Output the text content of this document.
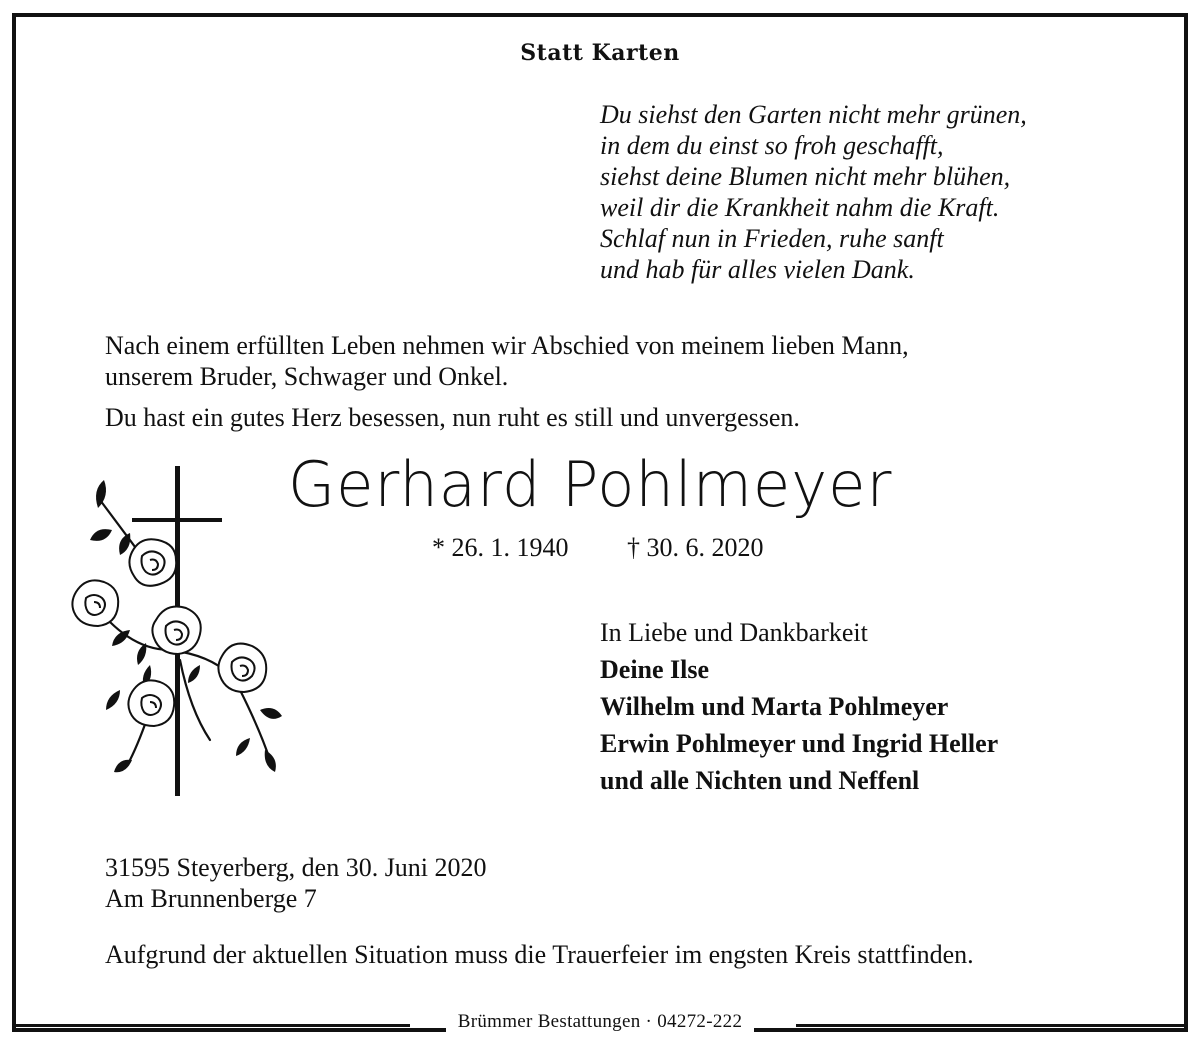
Statt Karten
Du siehst den Garten nicht mehr grünen,
in dem du einst so froh geschafft,
siehst deine Blumen nicht mehr blühen,
weil dir die Krankheit nahm die Kraft.
Schlaf nun in Frieden, ruhe sanft
und hab für alles vielen Dank.
Nach einem erfüllten Leben nehmen wir Abschied von meinem lieben Mann,
unserem Bruder, Schwager und Onkel.
Du hast ein gutes Herz besessen, nun ruht es still und unvergessen.
Gerhard Pohlmeyer
* 26. 1. 1940 † 30. 6. 2020
In Liebe und Dankbarkeit
Deine Ilse
Wilhelm und Marta Pohlmeyer
Erwin Pohlmeyer und Ingrid Heller
und alle Nichten und Neffenl
31595 Steyerberg, den 30. Juni 2020
Am Brunnenberge 7
Aufgrund der aktuellen Situation muss die Trauerfeier im engsten Kreis stattfinden.
Brümmer Bestattungen · 04272-222
